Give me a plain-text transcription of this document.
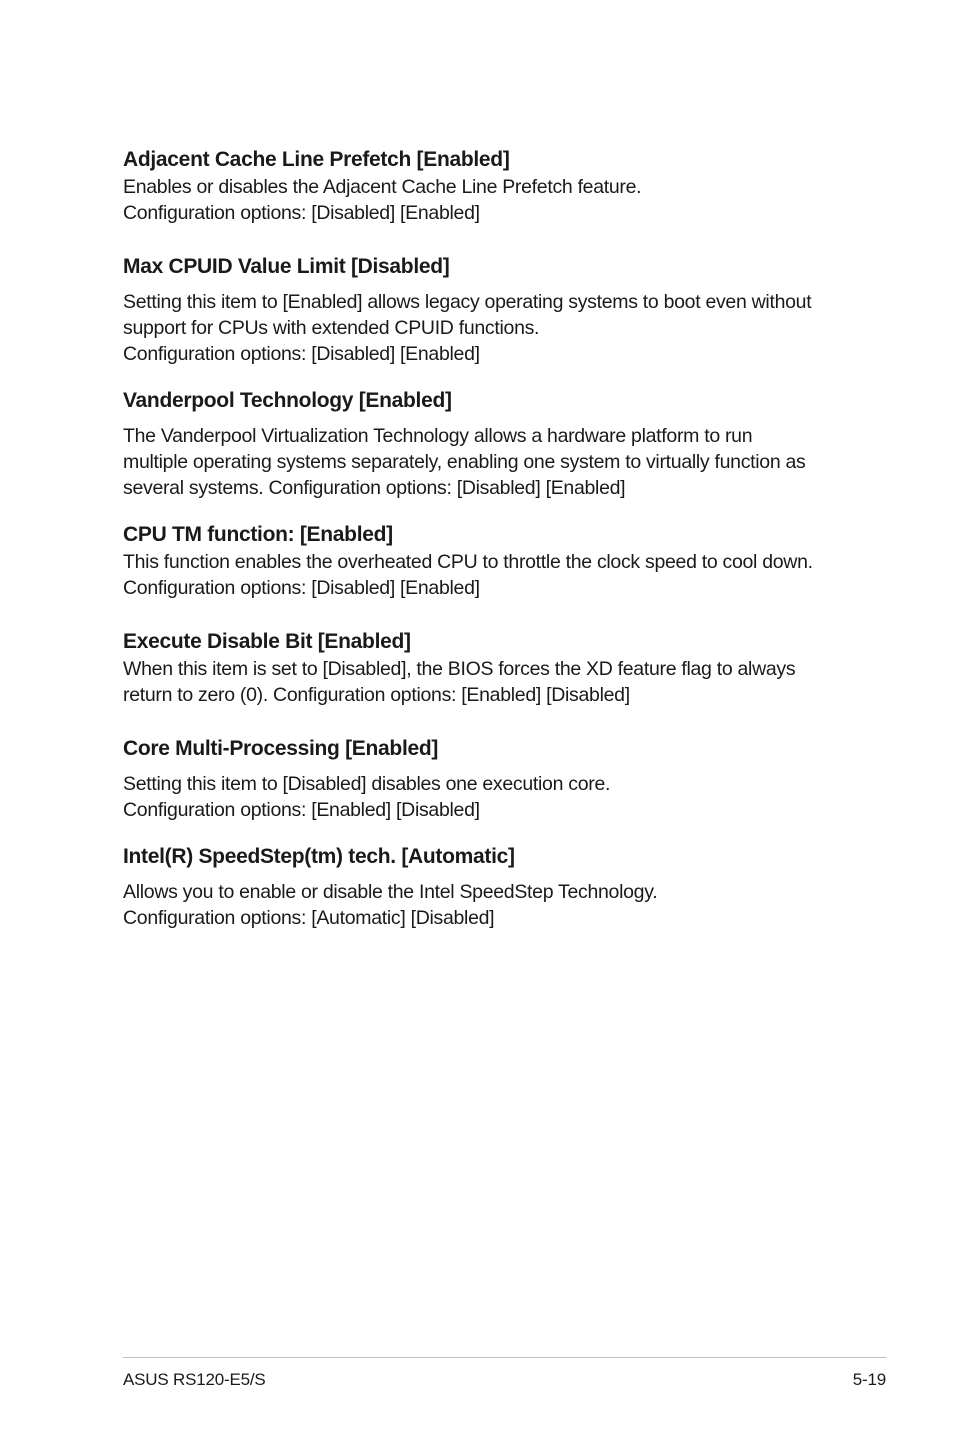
Adjacent Cache Line Prefetch [Enabled]
Enables or disables the Adjacent Cache Line Prefetch feature.
Configuration options: [Disabled] [Enabled]
Max CPUID Value Limit [Disabled]
Setting this item to [Enabled] allows legacy operating systems to boot even without
support for CPUs with extended CPUID functions.
Configuration options: [Disabled] [Enabled]
Vanderpool Technology [Enabled]
The Vanderpool Virtualization Technology allows a hardware platform to run
multiple operating systems separately, enabling one system to virtually function as
several systems. Configuration options: [Disabled] [Enabled]
CPU TM function: [Enabled]
This function enables the overheated CPU to throttle the clock speed to cool down.
Configuration options: [Disabled] [Enabled]
Execute Disable Bit [Enabled]
When this item is set to [Disabled], the BIOS forces the XD feature flag to always
return to zero (0). Configuration options: [Enabled] [Disabled]
Core Multi-Processing [Enabled]
Setting this item to [Disabled] disables one execution core.
Configuration options: [Enabled] [Disabled]
Intel(R) SpeedStep(tm) tech. [Automatic]
Allows you to enable or disable the Intel SpeedStep Technology.
Configuration options: [Automatic] [Disabled]
ASUS RS120-E5/S	5-19
